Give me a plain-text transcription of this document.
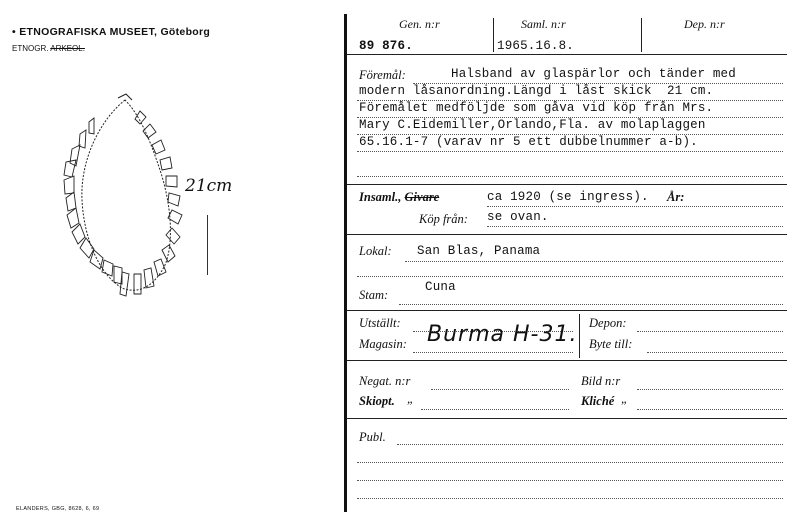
• ETNOGRAFISKA MUSEET, Göteborg
ETNOGR. ARKEOL.
21cm
ELANDERS, GBG, 8628, 6, 69
Gen. n:r	Saml. n:r	Dep. n:r
89 876.	1965.16.8.
Föremål:	Halsband av glaspärlor och tänder med
modern låsanordning.Längd i låst skick  21 cm.
Föremålet medföljde som gåva vid köp från Mrs.
Mary C.Eidemiller,Orlando,Fla. av molaplaggen
65.16.1-7 (varav nr 5 ett dubbelnummer a-b).
Insaml., Givare	ca 1920 (se ingress). År:
Köp från: se ovan.
Lokal: San Blas, Panama
Cuna
Stam:
Utställt:
Magasin: Burma H-31. Depon:
Byte till:
Negat. n:r	Bild n:r
Skiopt. „	Kliché „
Publ.
